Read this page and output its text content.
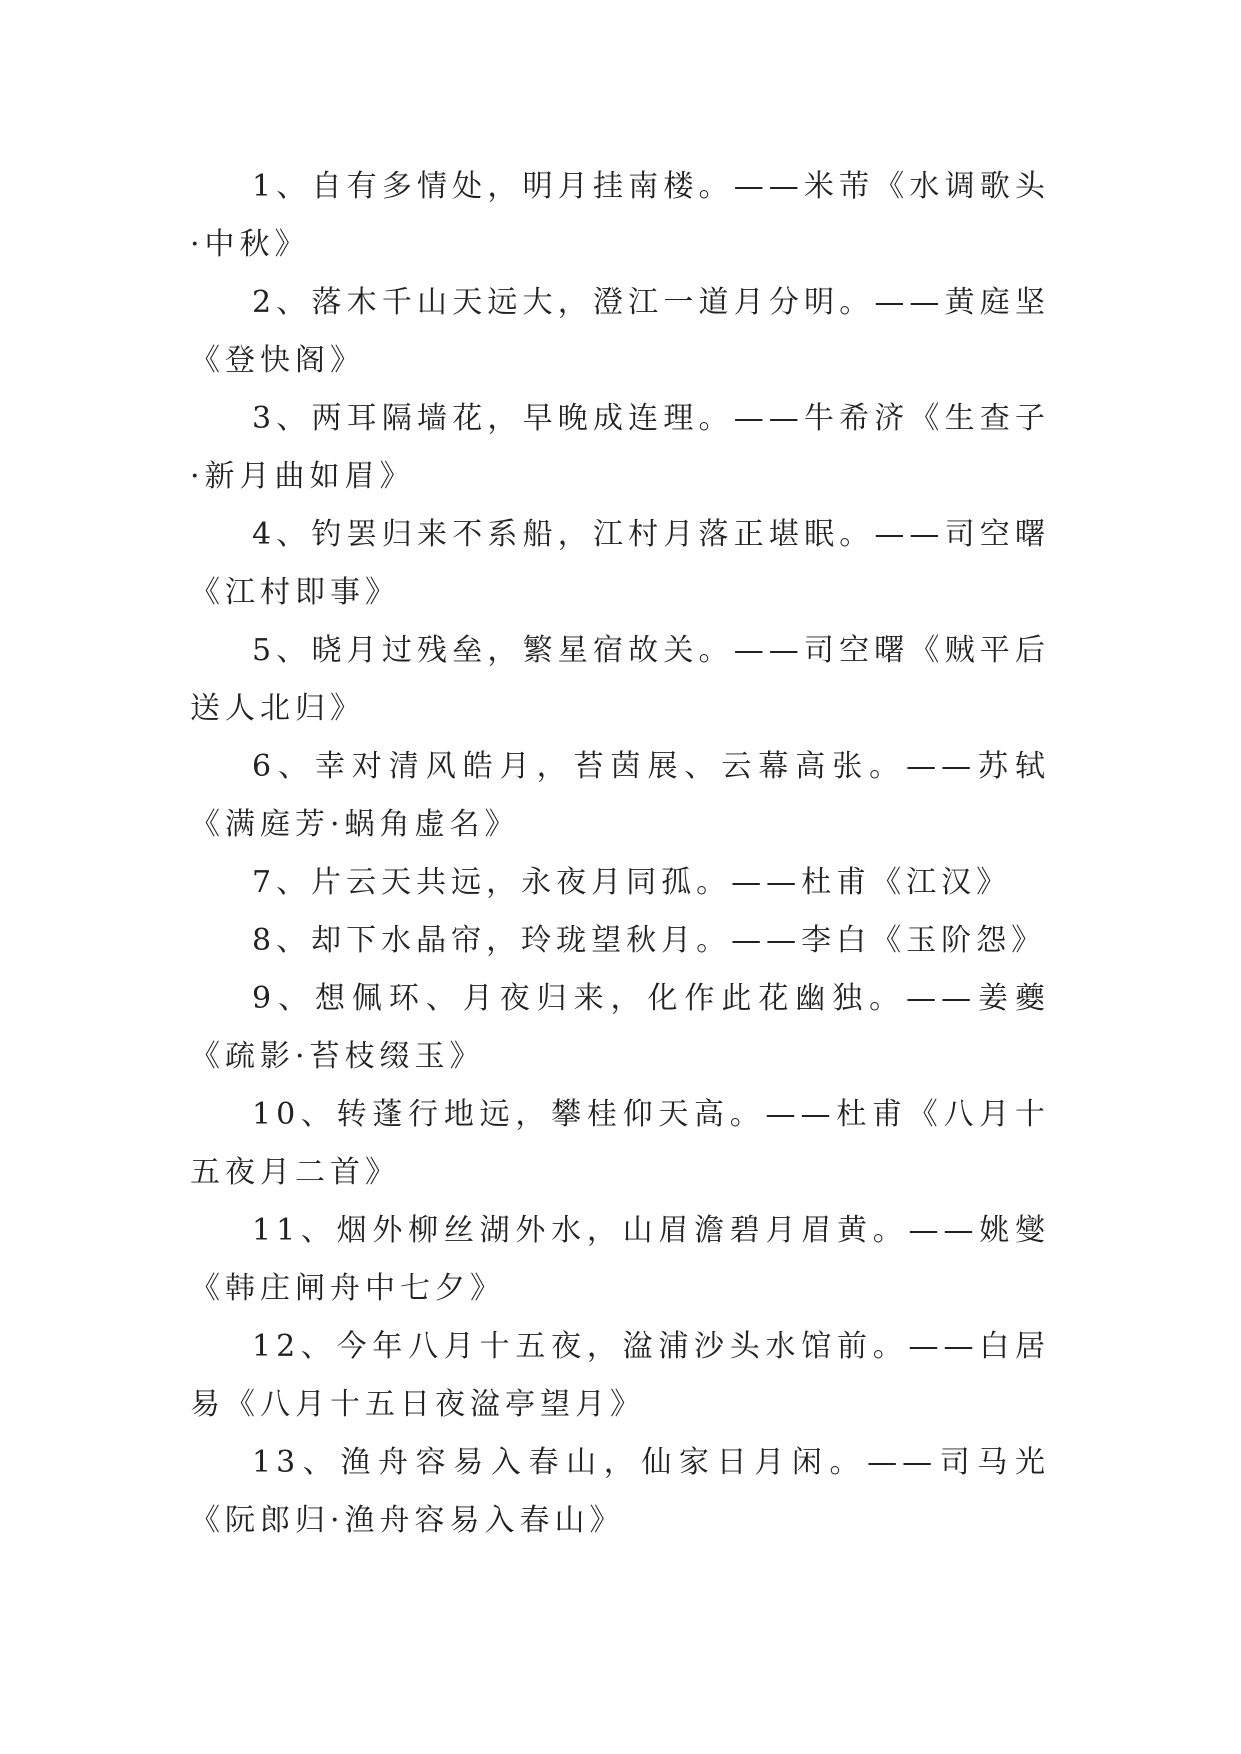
1、自有多情处，明月挂南楼。——米芾《水调歌头·中秋》

2、落木千山天远大，澄江一道月分明。——黄庭坚《登快阁》

3、两耳隔墙花，早晚成连理。——牛希济《生查子·新月曲如眉》

4、钓罢归来不系船，江村月落正堪眠。——司空曙《江村即事》

5、晓月过残垒，繁星宿故关。——司空曙《贼平后送人北归》

6、幸对清风皓月，苔茵展、云幕高张。——苏轼《满庭芳·蜗角虚名》

7、片云天共远，永夜月同孤。——杜甫《江汉》

8、却下水晶帘，玲珑望秋月。——李白《玉阶怨》

9、想佩环、月夜归来，化作此花幽独。——姜夔《疏影·苔枝缀玉》

10、转蓬行地远，攀桂仰天高。——杜甫《八月十五夜月二首》

11、烟外柳丝湖外水，山眉澹碧月眉黄。——姚燮《韩庄闸舟中七夕》

12、今年八月十五夜，湓浦沙头水馆前。——白居易《八月十五日夜湓亭望月》

13、渔舟容易入春山，仙家日月闲。——司马光《阮郎归·渔舟容易入春山》
